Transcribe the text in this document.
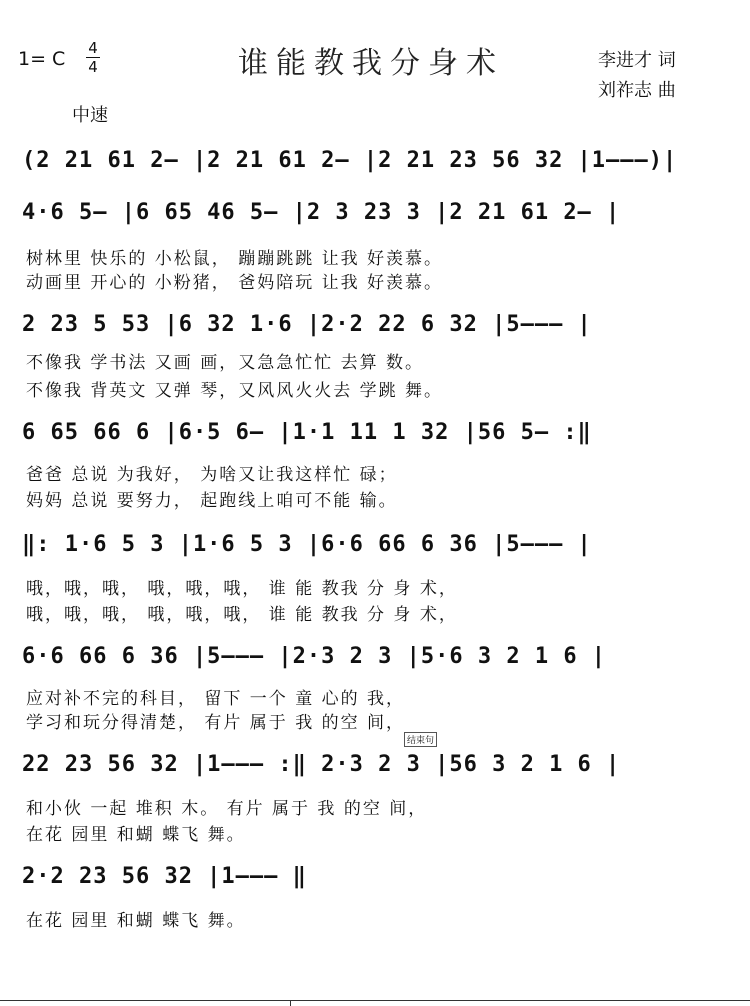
1= C 4
4	谁能教我分身术	李进才 词
刘祚志 曲
中速
(2 21 61 2— |2 21 61 2— |2 21 23 56 32 |1———)|
4·6 5— |6 65 46 5— |2 3 23 3 |2 21 61 2— |
树林里 快乐的 小松鼠， 蹦蹦跳跳 让我 好羡慕。
动画里 开心的 小粉猪， 爸妈陪玩 让我 好羡慕。
2 23 5 53 |6 32 1·6 |2·2 22 6 32 |5——— |
不像我 学书法 又画 画，又急急忙忙 去算 数。
不像我 背英文 又弹 琴，又风风火火去 学跳 舞。
6 65 66 6 |6·5 6— |1·1 11 1 32 |56 5— :‖
爸爸 总说 为我好， 为啥又让我这样忙 碌；
妈妈 总说 要努力， 起跑线上咱可不能 输。
‖: 1·6 5 3 |1·6 5 3 |6·6 66 6 36 |5——— |
哦，哦，哦， 哦，哦，哦， 谁 能 教我 分 身 术，
哦，哦，哦， 哦，哦，哦， 谁 能 教我 分 身 术，
6·6 66 6 36 |5——— |2·3 2 3 |5·6 3 2 1 6 |
应对补不完的科目， 留下 一个 童 心的 我，
学习和玩分得清楚， 有片 属于 我 的空 间，
结束句
22 23 56 32 |1——— :‖ 2·3 2 3 |56 3 2 1 6 |
和小伙 一起 堆积 木。 有片 属于 我 的空 间，
在花 园里 和蝴 蝶飞 舞。
2·2 23 56 32 |1——— ‖
在花 园里 和蝴 蝶飞 舞。
